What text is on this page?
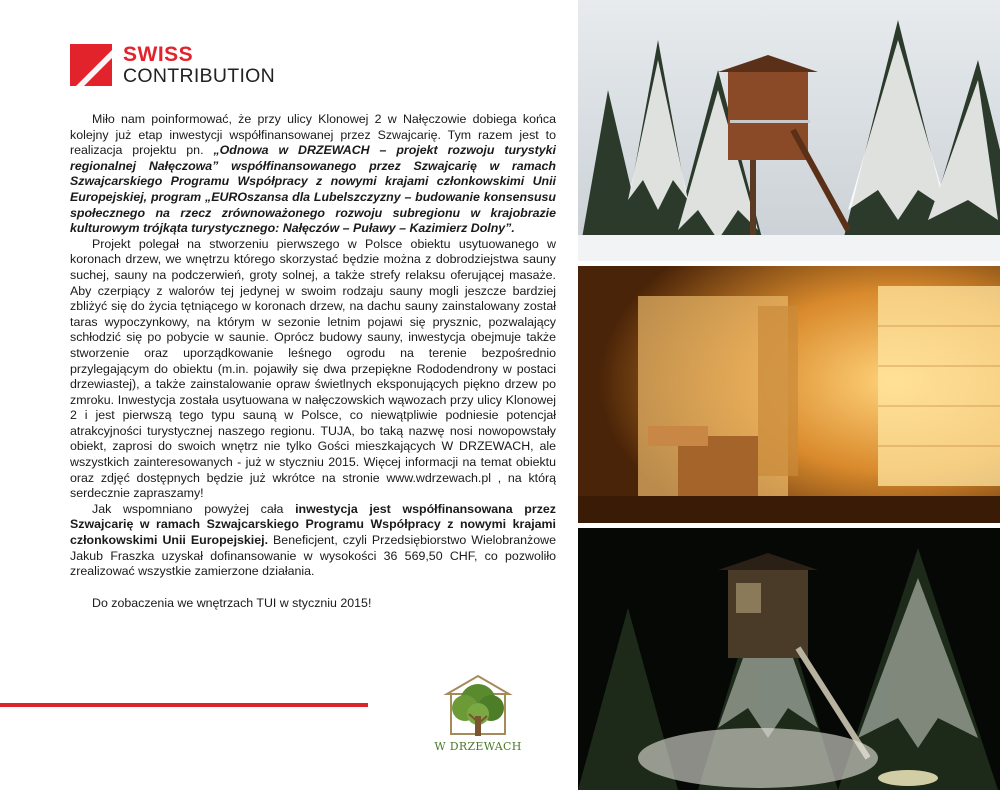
SWISS
CONTRIBUTION

Miło nam poinformować, że przy ulicy Klonowej 2 w Nałęczowie dobiega końca kolejny już etap inwestycji współfinansowanej przez Szwajcarię. Tym razem jest to realizacja projektu pn. „Odnowa w DRZEWACH – projekt rozwoju turystyki regionalnej Nałęczowa” współfinansowanego przez Szwajcarię w ramach Szwajcarskiego Programu Współpracy z nowymi krajami członkowskimi Unii Europejskiej, program „EUROszansa dla Lubelszczyzny – budowanie konsensusu społecznego na rzecz zrównoważonego rozwoju subregionu w krajobrazie kulturowym trójkąta turystycznego: Nałęczów – Puławy – Kazimierz Dolny”.

Projekt polegał na stworzeniu pierwszego w Polsce obiektu usytuowanego w koronach drzew, we wnętrzu którego skorzystać będzie można z dobrodziejstwa sauny suchej, sauny na podczerwień, groty solnej, a także strefy relaksu oferującej masaże. Aby czerpiący z walorów tej jedynej w swoim rodzaju sauny mogli jeszcze bardziej zbliżyć się do życia tętniącego w koronach drzew, na dachu sauny zainstalowany został taras wypoczynkowy, na którym w sezonie letnim pojawi się prysznic, pozwalający schłodzić się po pobycie w saunie. Oprócz budowy sauny, inwestycja obejmuje także stworzenie oraz uporządkowanie leśnego ogrodu na terenie bezpośrednio przylegającym do obiektu (m.in. pojawiły się dwa przepiękne Rododendrony w postaci drzewiastej), a także zainstalowanie opraw świetlnych eksponujących piękno drzew po zmroku. Inwestycja została usytuowana w nałęczowskich wąwozach przy ulicy Klonowej 2 i jest pierwszą tego typu sauną w Polsce, co niewątpliwie podniesie potencjał atrakcyjności turystycznej naszego regionu. TUJA, bo taką nazwę nosi nowopowstały obiekt, zaprosi do swoich wnętrz nie tylko Gości mieszkających W DRZEWACH, ale wszystkich zainteresowanych - już w styczniu 2015. Więcej informacji na temat obiektu oraz zdjęć dostępnych będzie już wkrótce na stronie www.wdrzewach.pl , na którą serdecznie zapraszamy!

Jak wspomniano powyżej cała inwestycja jest współfinansowana przez Szwajcarię w ramach Szwajcarskiego Programu Współpracy z nowymi krajami członkowskimi Unii Europejskiej. Beneficjent, czyli Przedsiębiorstwo Wielobranżowe Jakub Fraszka uzyskał dofinansowanie w wysokości 36 569,50 CHF, co pozwoliło zrealizować wszystkie zamierzone działania.

Do zobaczenia we wnętrzach TUI w styczniu 2015!

W DRZEWACH
